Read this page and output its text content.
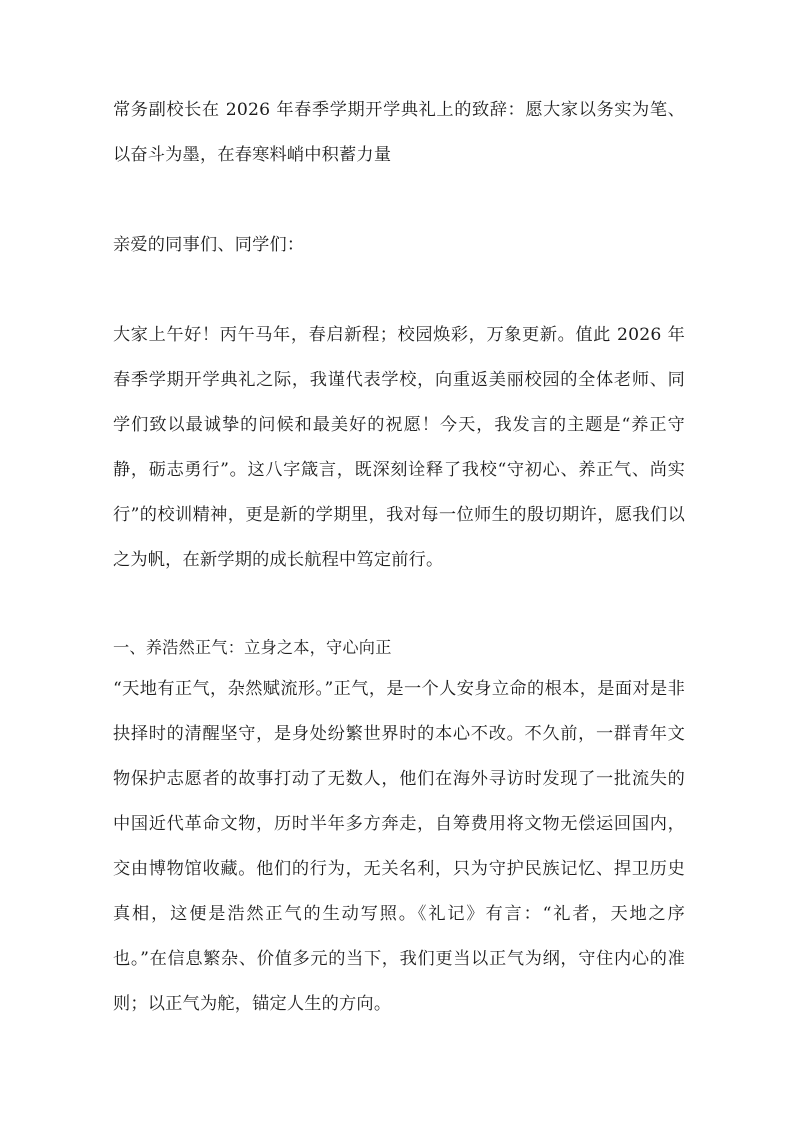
常务副校长在 2026 年春季学期开学典礼上的致辞：愿大家以务实为笔、以奋斗为墨，在春寒料峭中积蓄力量

亲爱的同事们、同学们：

大家上午好！丙午马年，春启新程；校园焕彩，万象更新。值此 2026 年春季学期开学典礼之际，我谨代表学校，向重返美丽校园的全体老师、同学们致以最诚挚的问候和最美好的祝愿！今天，我发言的主题是“养正守静，砺志勇行”。这八字箴言，既深刻诠释了我校“守初心、养正气、尚实行”的校训精神，更是新的学期里，我对每一位师生的殷切期许，愿我们以之为帆，在新学期的成长航程中笃定前行。

一、养浩然正气：立身之本，守心向正

“天地有正气，杂然赋流形。”正气，是一个人安身立命的根本，是面对是非抉择时的清醒坚守，是身处纷繁世界时的本心不改。不久前，一群青年文物保护志愿者的故事打动了无数人，他们在海外寻访时发现了一批流失的中国近代革命文物，历时半年多方奔走，自筹费用将文物无偿运回国内，交由博物馆收藏。他们的行为，无关名利，只为守护民族记忆、捍卫历史真相，这便是浩然正气的生动写照。《礼记》有言：“礼者，天地之序也。”在信息繁杂、价值多元的当下，我们更当以正气为纲，守住内心的准则；以正气为舵，锚定人生的方向。
